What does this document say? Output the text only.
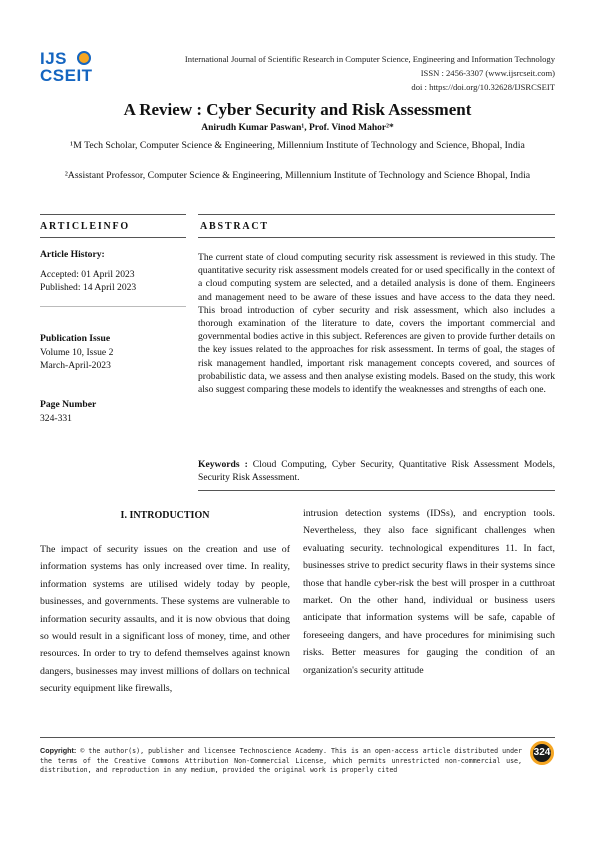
IJS
CSEIT
International Journal of Scientific Research in Computer Science, Engineering and Information Technology
ISSN : 2456-3307 (www.ijsrcseit.com)
doi : https://doi.org/10.32628/IJSRCSEIT
A Review : Cyber Security and Risk Assessment
Anirudh Kumar Paswan¹, Prof. Vinod Mahor²*
¹M Tech Scholar, Computer Science & Engineering, Millennium Institute of Technology and Science, Bhopal, India
²Assistant Professor, Computer Science & Engineering, Millennium Institute of Technology and Science Bhopal, India
ARTICLEINFO	ABSTRACT
Article History:
Accepted: 01 April 2023
Published: 14 April 2023
Publication Issue
Volume 10, Issue 2
March-April-2023
Page Number
324-331
The current state of cloud computing security risk assessment is reviewed in this study. The quantitative security risk assessment models created for or used specifically in the context of a cloud computing system are selected, and a detailed analysis is done of them. Engineers and management need to be aware of these issues and have access to the data they need. This broad introduction of cyber security and risk assessment, which also includes a thorough examination of the literature to date, covers the important commercial and governmental bodies active in this subject. References are given to provide further details on the key issues related to the approaches for risk assessment. In terms of goal, the stages of risk management handled, important risk management concepts covered, and sources of probabilistic data, we assess and then analyse existing models. Based on the study, this work also suggest comparing these models to identify the weaknesses and strengths of each one.
Keywords : Cloud Computing, Cyber Security, Quantitative Risk Assessment Models, Security Risk Assessment.
I. INTRODUCTION
The impact of security issues on the creation and use of information systems has only increased over time. In reality, information systems are utilised widely today by people, businesses, and governments. These systems are vulnerable to information security assaults, and it is now obvious that doing so would result in a significant loss of money, time, and other resources. In order to try to defend themselves against known dangers, businesses may invest millions of dollars on technical security equipment like firewalls,
intrusion detection systems (IDSs), and encryption tools. Nevertheless, they also face significant challenges when evaluating security. technological expenditures 11. In fact, businesses strive to predict security flaws in their systems since those that handle cyber-risk the best will prosper in a cutthroat market. On the other hand, individual or business users anticipate that information systems will be safe, capable of foreseeing dangers, and have procedures for minimising such risks. Better measures for gauging the condition of an organization's security attitude
Copyright: © the author(s), publisher and licensee Technoscience Academy. This is an open-access article distributed under the terms of the Creative Commons Attribution Non-Commercial License, which permits unrestricted non-commercial use, distribution, and reproduction in any medium, provided the original work is properly cited
324
